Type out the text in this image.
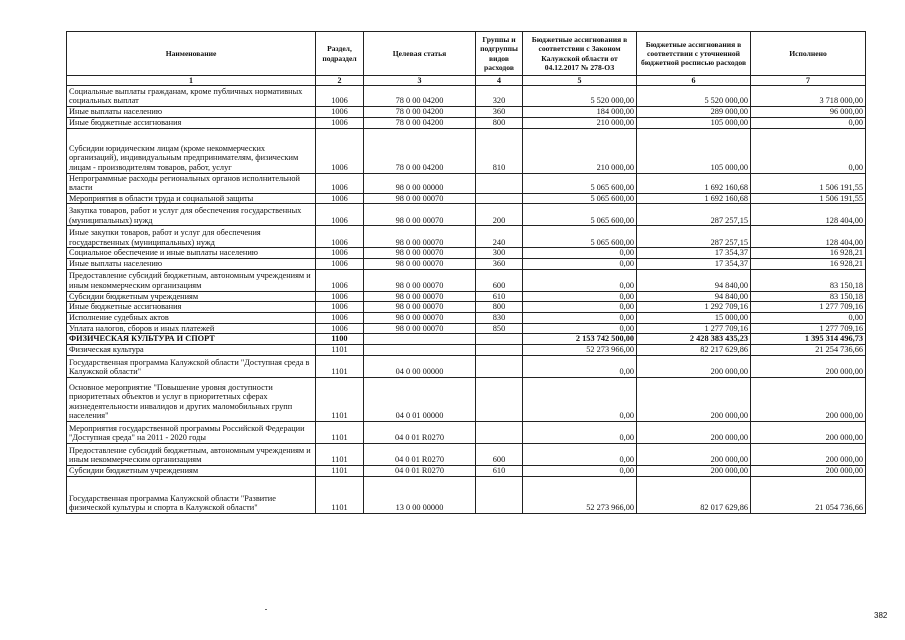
Наименование	Раздел, подраздел	Целевая статья	Группы и подгруппы видов расходов	Бюджетные ассигнования в соответствии с Законом Калужской области от 04.12.2017 № 278-ОЗ	Бюджетные ассигнования в соответствии с уточненной бюджетной росписью расходов	Исполнено
1	2	3	4	5	6	7
Социальные выплаты гражданам, кроме публичных нормативных социальных выплат	1006	78 0 00 04200	320	5 520 000,00	5 520 000,00	3 718 000,00
Иные выплаты населению	1006	78 0 00 04200	360	184 000,00	289 000,00	96 000,00
Иные бюджетные ассигнования	1006	78 0 00 04200	800	210 000,00	105 000,00	0,00
Субсидии юридическим лицам (кроме некоммерческих организаций), индивидуальным предпринимателям, физическим лицам - производителям товаров, работ, услуг	1006	78 0 00 04200	810	210 000,00	105 000,00	0,00
Непрограммные расходы региональных органов исполнительной власти	1006	98 0 00 00000		5 065 600,00	1 692 160,68	1 506 191,55
Мероприятия в области труда и социальной защиты	1006	98 0 00 00070		5 065 600,00	1 692 160,68	1 506 191,55
Закупка товаров, работ и услуг для обеспечения государственных (муниципальных) нужд	1006	98 0 00 00070	200	5 065 600,00	287 257,15	128 404,00
Иные закупки товаров, работ и услуг для обеспечения государственных (муниципальных) нужд	1006	98 0 00 00070	240	5 065 600,00	287 257,15	128 404,00
Социальное обеспечение и иные выплаты населению	1006	98 0 00 00070	300	0,00	17 354,37	16 928,21
Иные выплаты населению	1006	98 0 00 00070	360	0,00	17 354,37	16 928,21
Предоставление субсидий бюджетным, автономным учреждениям и иным некоммерческим организациям	1006	98 0 00 00070	600	0,00	94 840,00	83 150,18
Субсидии бюджетным учреждениям	1006	98 0 00 00070	610	0,00	94 840,00	83 150,18
Иные бюджетные ассигнования	1006	98 0 00 00070	800	0,00	1 292 709,16	1 277 709,16
Исполнение судебных актов	1006	98 0 00 00070	830	0,00	15 000,00	0,00
Уплата налогов, сборов и иных платежей	1006	98 0 00 00070	850	0,00	1 277 709,16	1 277 709,16
ФИЗИЧЕСКАЯ КУЛЬТУРА И СПОРТ	1100			2 153 742 500,00	2 428 383 435,23	1 395 314 496,73
Физическая культура	1101			52 273 966,00	82 217 629,86	21 254 736,66
Государственная программа Калужской области "Доступная среда в Калужской области"	1101	04 0 00 00000		0,00	200 000,00	200 000,00
Основное мероприятие "Повышение уровня доступности приоритетных объектов и услуг в приоритетных сферах жизнедеятельности инвалидов и других маломобильных групп населения"	1101	04 0 01 00000		0,00	200 000,00	200 000,00
Мероприятия государственной программы Российской Федерации "Доступная среда" на 2011 - 2020 годы	1101	04 0 01 R0270		0,00	200 000,00	200 000,00
Предоставление субсидий бюджетным, автономным учреждениям и иным некоммерческим организациям	1101	04 0 01 R0270	600	0,00	200 000,00	200 000,00
Субсидии бюджетным учреждениям	1101	04 0 01 R0270	610	0,00	200 000,00	200 000,00
Государственная программа Калужской области "Развитие физической культуры и спорта в Калужской области"	1101	13 0 00 00000		52 273 966,00	82 017 629,86	21 054 736,66
382
